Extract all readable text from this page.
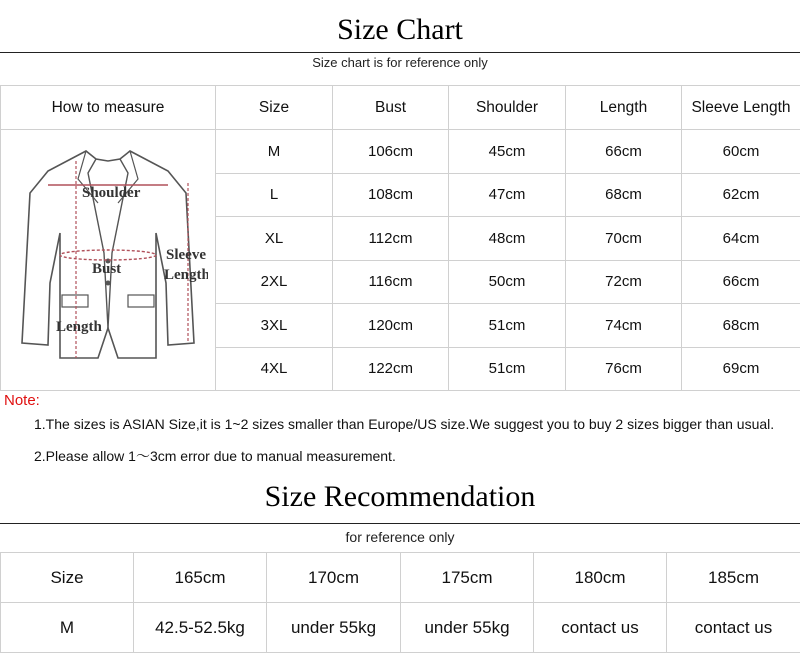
Size Chart
Size chart is for reference only
How to measure	Size	Bust	Shoulder	Length	Sleeve Length

Shoulder
Bust
Sleeve
Length
Length	M	106cm	45cm	66cm	60cm
	L	108cm	47cm	68cm	62cm
	XL	112cm	48cm	70cm	64cm
	2XL	116cm	50cm	72cm	66cm
	3XL	120cm	51cm	74cm	68cm
	4XL	122cm	51cm	76cm	69cm
Note:
1.The sizes is ASIAN Size,it is 1~2 sizes smaller than Europe/US size.We suggest you to buy 2 sizes bigger than usual.
2.Please allow 1～3cm error due to manual measurement.
Size Recommendation
for reference only
Size	165cm	170cm	175cm	180cm	185cm
M	42.5-52.5kg	under 55kg	under 55kg	contact us	contact us
